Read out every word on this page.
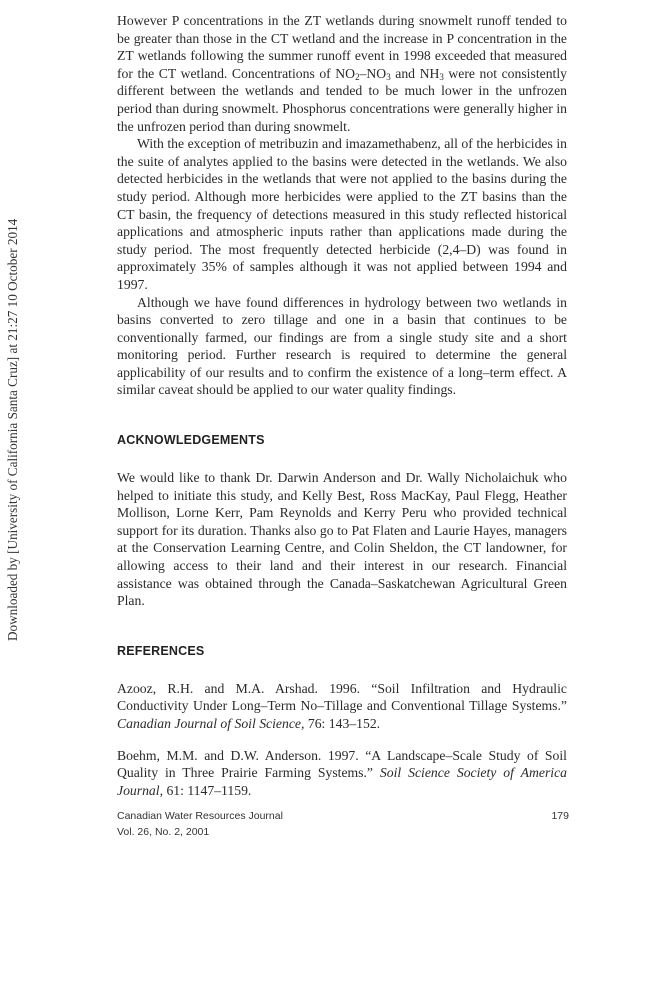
Downloaded by [University of California Santa Cruz] at 21:27 10 October 2014

However P concentrations in the ZT wetlands during snowmelt runoff tended to be greater than those in the CT wetland and the increase in P concentration in the ZT wetlands following the summer runoff event in 1998 exceeded that measured for the CT wetland. Concentrations of $NO_2-NO_3$ and $NH_3$ were not consistently different between the wetlands and tended to be much lower in the unfrozen period than during snowmelt. Phosphorus concentrations were generally higher in the unfrozen period than during snowmelt.

With the exception of metribuzin and imazamethabenz, all of the herbicides in the suite of analytes applied to the basins were detected in the wetlands. We also detected herbicides in the wetlands that were not applied to the basins during the study period. Although more herbicides were applied to the ZT basins than the CT basin, the frequency of detections measured in this study reflected historical applications and atmospheric inputs rather than applications made during the study period. The most frequently detected herbicide (2,4–D) was found in approximately 35% of samples although it was not applied between 1994 and 1997.

Although we have found differences in hydrology between two wetlands in basins converted to zero tillage and one in a basin that continues to be conventionally farmed, our findings are from a single study site and a short monitoring period. Further research is required to determine the general applicability of our results and to confirm the existence of a long–term effect. A similar caveat should be applied to our water quality findings.

ACKNOWLEDGEMENTS

We would like to thank Dr. Darwin Anderson and Dr. Wally Nicholaichuk who helped to initiate this study, and Kelly Best, Ross MacKay, Paul Flegg, Heather Mollison, Lorne Kerr, Pam Reynolds and Kerry Peru who provided technical support for its duration. Thanks also go to Pat Flaten and Laurie Hayes, managers at the Conservation Learning Centre, and Colin Sheldon, the CT landowner, for allowing access to their land and their interest in our research. Financial assistance was obtained through the Canada–Saskatchewan Agricultural Green Plan.

REFERENCES

Azooz, R.H. and M.A. Arshad. 1996. “Soil Infiltration and Hydraulic Conductivity Under Long–Term No–Tillage and Conventional Tillage Systems.” Canadian Journal of Soil Science, 76: 143–152.

Boehm, M.M. and D.W. Anderson. 1997. “A Landscape–Scale Study of Soil Quality in Three Prairie Farming Systems.” Soil Science Society of America Journal, 61: 1147–1159.

Canadian Water Resources Journal
Vol. 26, No. 2, 2001
179
